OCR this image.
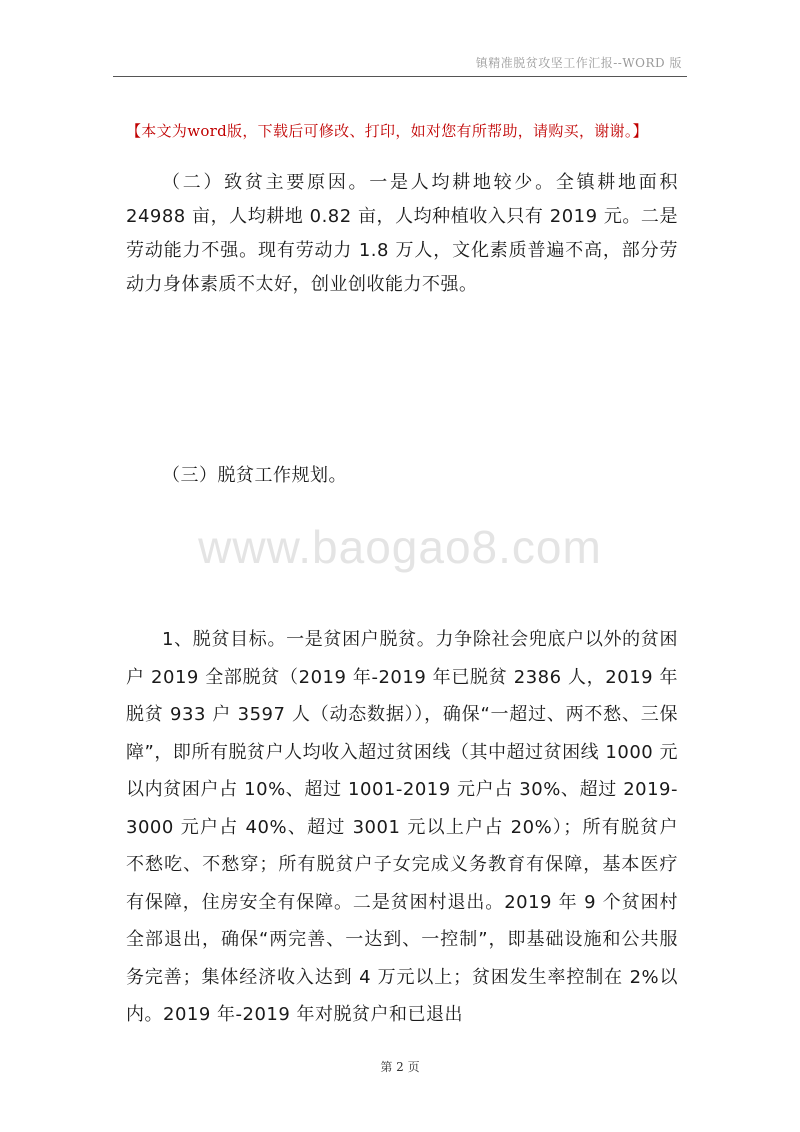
镇精准脱贫攻坚工作汇报--WORD 版
【本文为word版，下载后可修改、打印，如对您有所帮助，请购买，谢谢。】
（二）致贫主要原因。一是人均耕地较少。全镇耕地面积 24988 亩，人均耕地 0.82 亩，人均种植收入只有 2019 元。二是劳动能力不强。现有劳动力 1.8 万人，文化素质普遍不高，部分劳动力身体素质不太好，创业创收能力不强。
（三）脱贫工作规划。
www.baogao8.com
1、脱贫目标。一是贫困户脱贫。力争除社会兜底户以外的贫困户 2019 全部脱贫（2019 年-2019 年已脱贫 2386 人，2019 年脱贫 933 户 3597 人（动态数据）），确保“一超过、两不愁、三保障”，即所有脱贫户人均收入超过贫困线（其中超过贫困线 1000 元以内贫困户占 10%、超过 1001-2019 元户占 30%、超过 2019-3000 元户占 40%、超过 3001 元以上户占 20%）；所有脱贫户不愁吃、不愁穿；所有脱贫户子女完成义务教育有保障，基本医疗有保障，住房安全有保障。二是贫困村退出。2019 年 9 个贫困村全部退出，确保“两完善、一达到、一控制”，即基础设施和公共服务完善；集体经济收入达到 4 万元以上；贫困发生率控制在 2%以内。2019 年-2019 年对脱贫户和已退出
第 2 页
